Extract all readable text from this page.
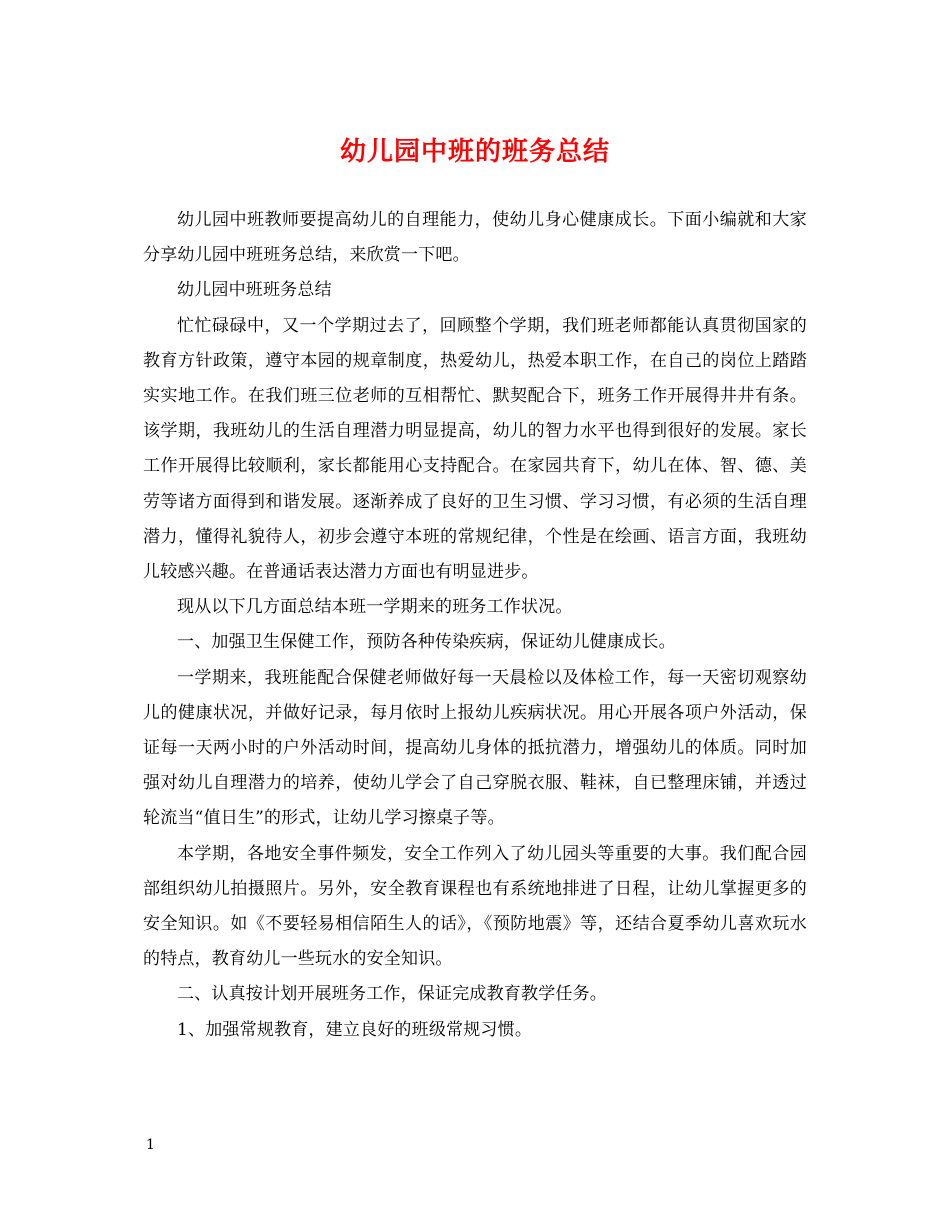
幼儿园中班的班务总结

幼儿园中班教师要提高幼儿的自理能力，使幼儿身心健康成长。下面小编就和大家分享幼儿园中班班务总结，来欣赏一下吧。

幼儿园中班班务总结

忙忙碌碌中，又一个学期过去了，回顾整个学期，我们班老师都能认真贯彻国家的教育方针政策，遵守本园的规章制度，热爱幼儿，热爱本职工作，在自己的岗位上踏踏实实地工作。在我们班三位老师的互相帮忙、默契配合下，班务工作开展得井井有条。该学期，我班幼儿的生活自理潜力明显提高，幼儿的智力水平也得到很好的发展。家长工作开展得比较顺利，家长都能用心支持配合。在家园共育下，幼儿在体、智、德、美劳等诸方面得到和谐发展。逐渐养成了良好的卫生习惯、学习习惯，有必须的生活自理潜力，懂得礼貌待人，初步会遵守本班的常规纪律，个性是在绘画、语言方面，我班幼儿较感兴趣。在普通话表达潜力方面也有明显进步。

现从以下几方面总结本班一学期来的班务工作状况。

一、加强卫生保健工作，预防各种传染疾病，保证幼儿健康成长。

一学期来，我班能配合保健老师做好每一天晨检以及体检工作，每一天密切观察幼儿的健康状况，并做好记录，每月依时上报幼儿疾病状况。用心开展各项户外活动，保证每一天两小时的户外活动时间，提高幼儿身体的抵抗潜力，增强幼儿的体质。同时加强对幼儿自理潜力的培养，使幼儿学会了自己穿脱衣服、鞋袜，自已整理床铺，并透过轮流当“值日生”的形式，让幼儿学习擦桌子等。

本学期，各地安全事件频发，安全工作列入了幼儿园头等重要的大事。我们配合园部组织幼儿拍摄照片。另外，安全教育课程也有系统地排进了日程，让幼儿掌握更多的安全知识。如《不要轻易相信陌生人的话》，《预防地震》等，还结合夏季幼儿喜欢玩水的特点，教育幼儿一些玩水的安全知识。

二、认真按计划开展班务工作，保证完成教育教学任务。

1、加强常规教育，建立良好的班级常规习惯。

1
